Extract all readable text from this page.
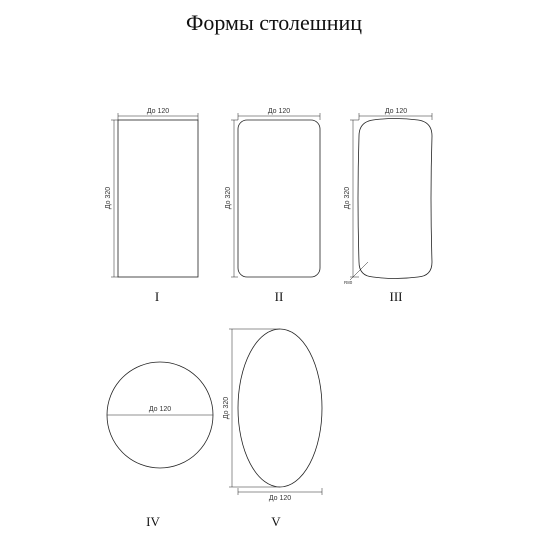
Формы столешниц
До 120
До 320
До 120
До 320
До 120
До 320
R80
До 120
До 120
До 320
I	II	III
IV	V
